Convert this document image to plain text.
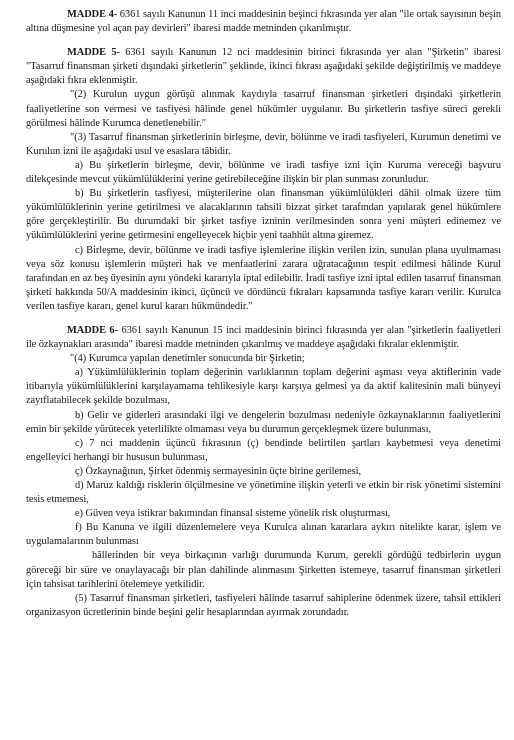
MADDE 4- 6361 sayılı Kanunun 11 inci maddesinin beşinci fıkrasında yer alan "ile ortak sayısının beşin altına düşmesine yol açan pay devirleri" ibaresi madde metninden çıkarılmıştır.

MADDE 5- 6361 sayılı Kanunun 12 nci maddesinin birinci fıkrasında yer alan "Şirketin" ibaresi "Tasarruf finansman şirketi dışındaki şirketlerin" şeklinde, ikinci fıkrası aşağıdaki şekilde değiştirilmiş ve maddeye aşağıdaki fıkra eklenmiştir.

"(2) Kurulun uygun görüşü alınmak kaydıyla tasarruf finansman şirketleri dışındaki şirketlerin faaliyetlerine son vermesi ve tasfiyesi hâlinde genel hükümler uygulanır. Bu şirketlerin tasfiye süreci gerekli görülmesi hâlinde Kurumca denetlenebilir."

"(3) Tasarruf finansman şirketlerinin birleşme, devir, bölünme ve iradi tasfiyeleri, Kurumun denetimi ve Kurulun izni ile aşağıdaki usul ve esaslara tâbidir.

a) Bu şirketlerin birleşme, devir, bölünme ve iradi tasfiye izni için Kuruma vereceği başvuru dilekçesinde mevcut yükümlülüklerini yerine getirebileceğine ilişkin bir plan sunması zorunludur.

b) Bu şirketlerin tasfiyesi, müşterilerine olan finansman yükümlülükleri dâhil olmak üzere tüm yükümlülüklerinin yerine getirilmesi ve alacaklarının tahsili bizzat şirket tarafından yapılarak genel hükümlere göre gerçekleştirilir. Bu durumdaki bir şirket tasfiye izninin verilmesinden sonra yeni müşteri edinemez ve yükümlülüklerini yerine getirmesini engelleyecek hiçbir yeni taahhüt altına giremez.

c) Birleşme, devir, bölünme ve iradi tasfiye işlemlerine ilişkin verilen izin, sunulan plana uyulmaması veya söz konusu işlemlerin müşteri hak ve menfaatlerini zarara uğratacağının tespit edilmesi hâlinde Kurul tarafından en az beş üyesinin aynı yöndeki kararıyla iptal edilebilir. İradi tasfiye izni iptal edilen tasarruf finansman şirketi hakkında 50/A maddesinin ikinci, üçüncü ve dördüncü fıkraları kapsamında tasfiye kararı verilir. Kurulca verilen tasfiye kararı, genel kurul kararı hükmündedir."

MADDE 6- 6361 sayılı Kanunun 15 inci maddesinin birinci fıkrasında yer alan "şirketlerin faaliyetleri ile özkaynakları arasında" ibaresi madde metninden çıkarılmış ve maddeye aşağıdaki fıkralar eklenmiştir.

"(4) Kurumca yapılan denetimler sonucunda bir Şirketin;

a) Yükümlülüklerinin toplam değerinin varlıklarının toplam değerini aşması veya aktiflerinin vade itibarıyla yükümlülüklerini karşılayamama tehlikesiyle karşı karşıya gelmesi ya da aktif kalitesinin mali bünyeyi zayıflatabilecek şekilde bozulması,

b) Gelir ve giderleri arasındaki ilgi ve dengelerin bozulması nedeniyle özkaynaklarının faaliyetlerini emin bir şekilde yürütecek yeterlilikte olmaması veya bu durumun gerçekleşmek üzere bulunması,

c) 7 nci maddenin üçüncü fıkrasının (ç) bendinde belirtilen şartları kaybetmesi veya denetimi engelleyici herhangi bir hususun bulunması,

ç) Özkaynağının, Şirket ödenmiş sermayesinin üçte birine gerilemesi,

d) Maruz kaldığı risklerin ölçülmesine ve yönetimine ilişkin yeterli ve etkin bir risk yönetimi sistemini tesis etmemesi,

e) Güven veya istikrar bakımından finansal sisteme yönelik risk oluşturması,

f) Bu Kanuna ve ilgili düzenlemelere veya Kurulca alınan kararlara aykırı nitelikte karar, işlem ve uygulamalarının bulunması

hâllerinden bir veya birkaçının varlığı durumunda Kurum, gerekli gördüğü tedbirlerin uygun göreceği bir süre ve onaylayacağı bir plan dahilinde alınmasını Şirketten istemeye, tasarruf finansman şirketleri için tahsisat tarihlerini ötelemeye yetkilidir.

(5) Tasarruf finansman şirketleri, tasfiyeleri hâlinde tasarruf sahiplerine ödenmek üzere, tahsil ettikleri organizasyon ücretlerinin binde beşini gelir hesaplarından ayırmak zorundadır.
